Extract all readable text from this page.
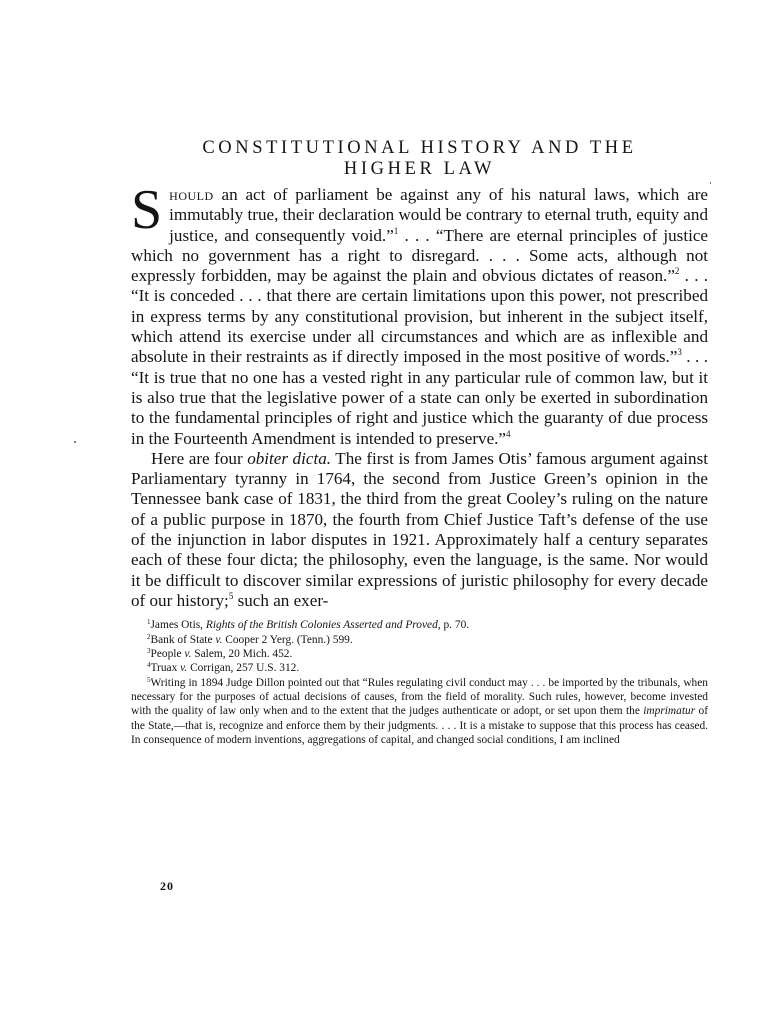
CONSTITUTIONAL HISTORY AND THE
HIGHER LAW

Should an act of parliament be against any of his natural laws, which are immutably true, their declaration would be contrary to eternal truth, equity and justice, and consequently void.”$^1$ . . . “There are eternal principles of justice which no government has a right to disregard. . . . Some acts, although not expressly forbidden, may be against the plain and obvious dictates of reason.”$^2$ . . . “It is conceded . . . that there are certain limitations upon this power, not prescribed in express terms by any constitutional provision, but inherent in the subject itself, which attend its exercise under all circumstances and which are as inflexible and absolute in their restraints as if directly imposed in the most positive of words.”$^3$ . . . “It is true that no one has a vested right in any particular rule of common law, but it is also true that the legislative power of a state can only be exerted in subordination to the fundamental principles of right and justice which the guaranty of due process in the Fourteenth Amendment is intended to preserve.”$^4$

Here are four obiter dicta. The first is from James Otis’ famous argument against Parliamentary tyranny in 1764, the second from Justice Green’s opinion in the Tennessee bank case of 1831, the third from the great Cooley’s ruling on the nature of a public purpose in 1870, the fourth from Chief Justice Taft’s defense of the use of the injunction in labor disputes in 1921. Approximately half a century separates each of these four dicta; the philosophy, even the language, is the same. Nor would it be difficult to discover similar expressions of juristic philosophy for every decade of our history;$^5$ such an exer-

$^1$James Otis, Rights of the British Colonies Asserted and Proved, p. 70.

$^2$Bank of State v. Cooper 2 Yerg. (Tenn.) 599.

$^3$People v. Salem, 20 Mich. 452.

$^4$Truax v. Corrigan, 257 U.S. 312.

$^5$Writing in 1894 Judge Dillon pointed out that “Rules regulating civil conduct may . . . be imported by the tribunals, when necessary for the purposes of actual decisions of causes, from the field of morality. Such rules, however, become invested with the quality of law only when and to the extent that the judges authenticate or adopt, or set upon them the imprimatur of the State,—that is, recognize and enforce them by their judgments. . . . It is a mistake to suppose that this process has ceased. In consequence of modern inventions, aggregations of capital, and changed social conditions, I am inclined

20
